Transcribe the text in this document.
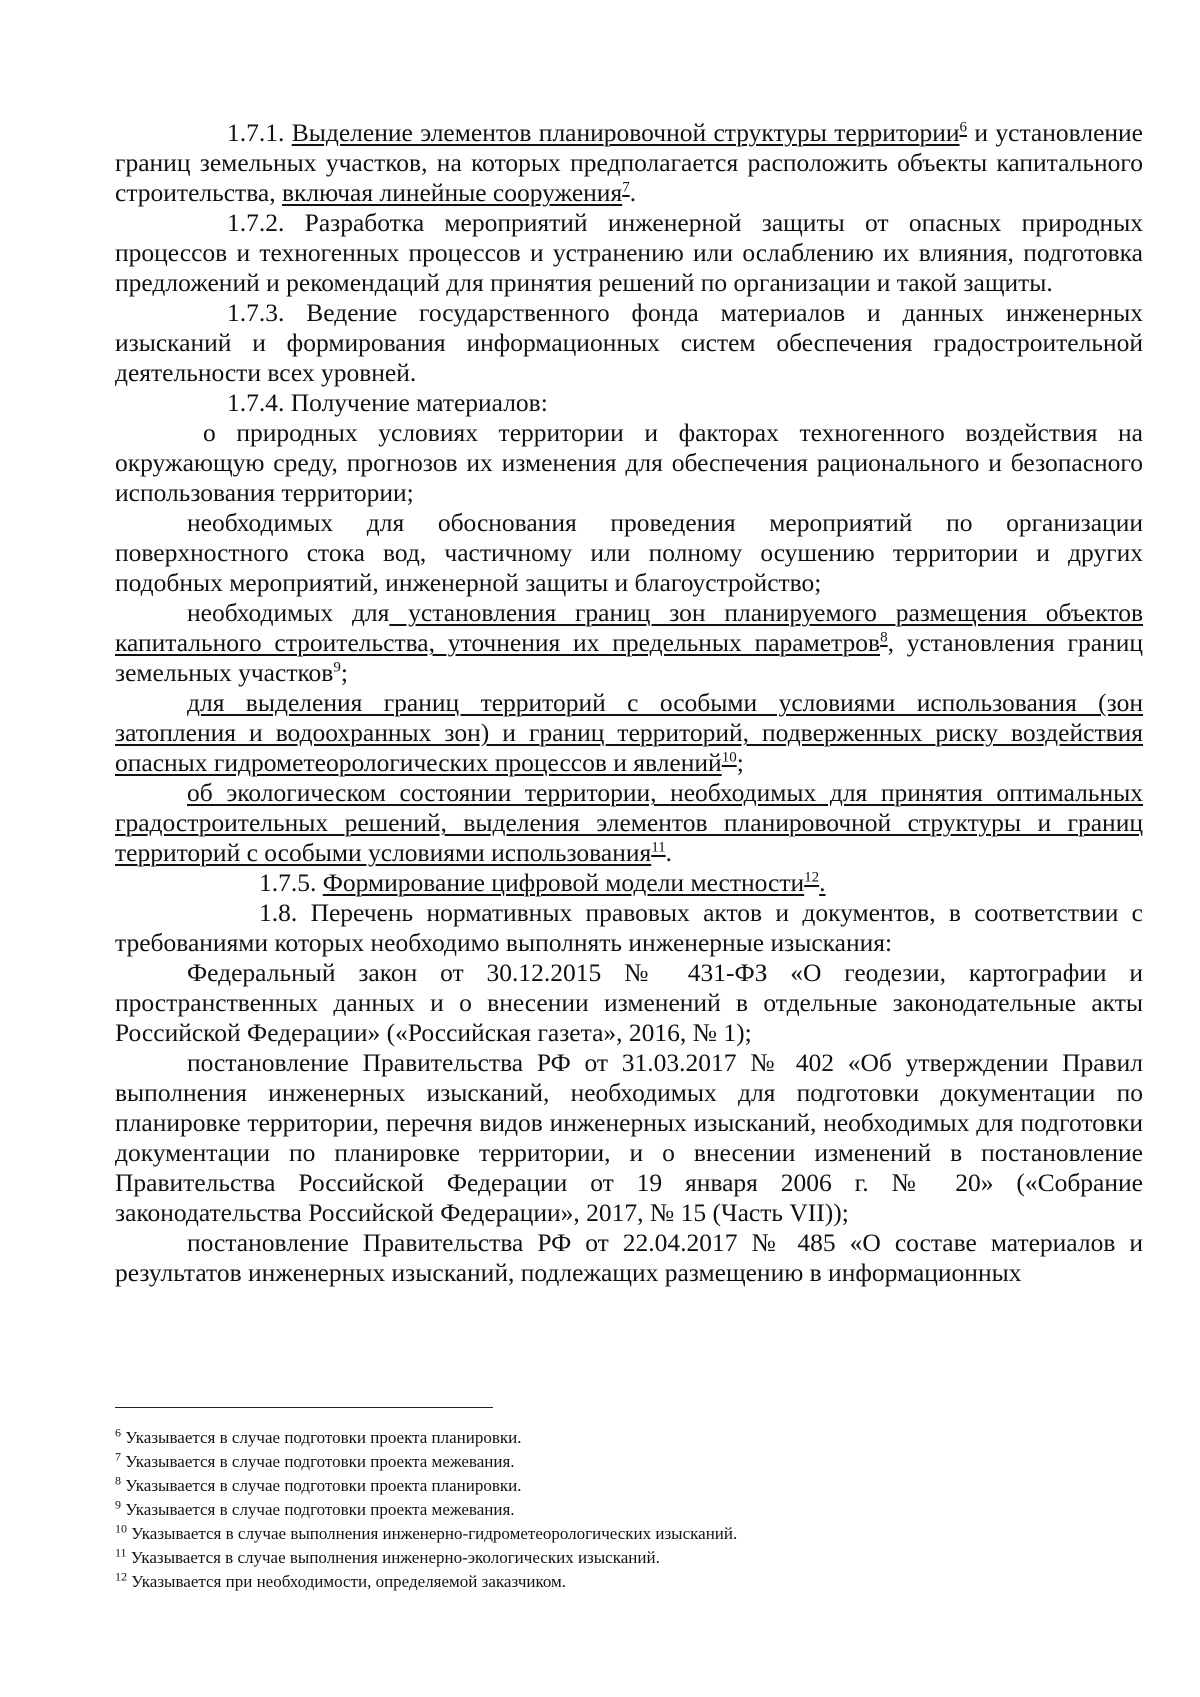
1.7.1. Выделение элементов планировочной структуры территории$^6$ и установление границ земельных участков, на которых предполагается расположить объекты капитального строительства, включая линейные сооружения$^7$.

1.7.2. Разработка мероприятий инженерной защиты от опасных природных процессов и техногенных процессов и устранению или ослаблению их влияния, подготовка предложений и рекомендаций для принятия решений по организации и такой защиты.

1.7.3. Ведение государственного фонда материалов и данных инженерных изысканий и формирования информационных систем обеспечения градостроительной деятельности всех уровней.

1.7.4. Получение материалов:

о природных условиях территории и факторах техногенного воздействия на окружающую среду, прогнозов их изменения для обеспечения рационального и безопасного использования территории;

необходимых для обоснования проведения мероприятий по организации поверхностного стока вод, частичному или полному осушению территории и других подобных мероприятий, инженерной защиты и благоустройство;

необходимых для установления границ зон планируемого размещения объектов капитального строительства, уточнения их предельных параметров$^8$, установления границ земельных участков$^9$;

для выделения границ территорий с особыми условиями использования (зон затопления и водоохранных зон) и границ территорий, подверженных риску воздействия опасных гидрометеорологических процессов и явлений$^{10}$;

об экологическом состоянии территории, необходимых для принятия оптимальных градостроительных решений, выделения элементов планировочной структуры и границ территорий с особыми условиями использования$^{11}$.

1.7.5. Формирование цифровой модели местности$^{12}$.

1.8. Перечень нормативных правовых актов и документов, в соответствии с требованиями которых необходимо выполнять инженерные изыскания:

Федеральный закон от 30.12.2015 № 431-ФЗ «О геодезии, картографии и пространственных данных и о внесении изменений в отдельные законодательные акты Российской Федерации» («Российская газета», 2016, № 1);

постановление Правительства РФ от 31.03.2017 № 402 «Об утверждении Правил выполнения инженерных изысканий, необходимых для подготовки документации по планировке территории, перечня видов инженерных изысканий, необходимых для подготовки документации по планировке территории, и о внесении изменений в постановление Правительства Российской Федерации от 19 января 2006 г. № 20» («Собрание законодательства Российской Федерации», 2017, № 15 (Часть VII));

постановление Правительства РФ от 22.04.2017 № 485 «О составе материалов и результатов инженерных изысканий, подлежащих размещению в информационных

$^6$ Указывается в случае подготовки проекта планировки.

$^7$ Указывается в случае подготовки проекта межевания.

$^8$ Указывается в случае подготовки проекта планировки.

$^9$ Указывается в случае подготовки проекта межевания.

$^{10}$ Указывается в случае выполнения инженерно-гидрометеорологических изысканий.

$^{11}$ Указывается в случае выполнения инженерно-экологических изысканий.

$^{12}$ Указывается при необходимости, определяемой заказчиком.
